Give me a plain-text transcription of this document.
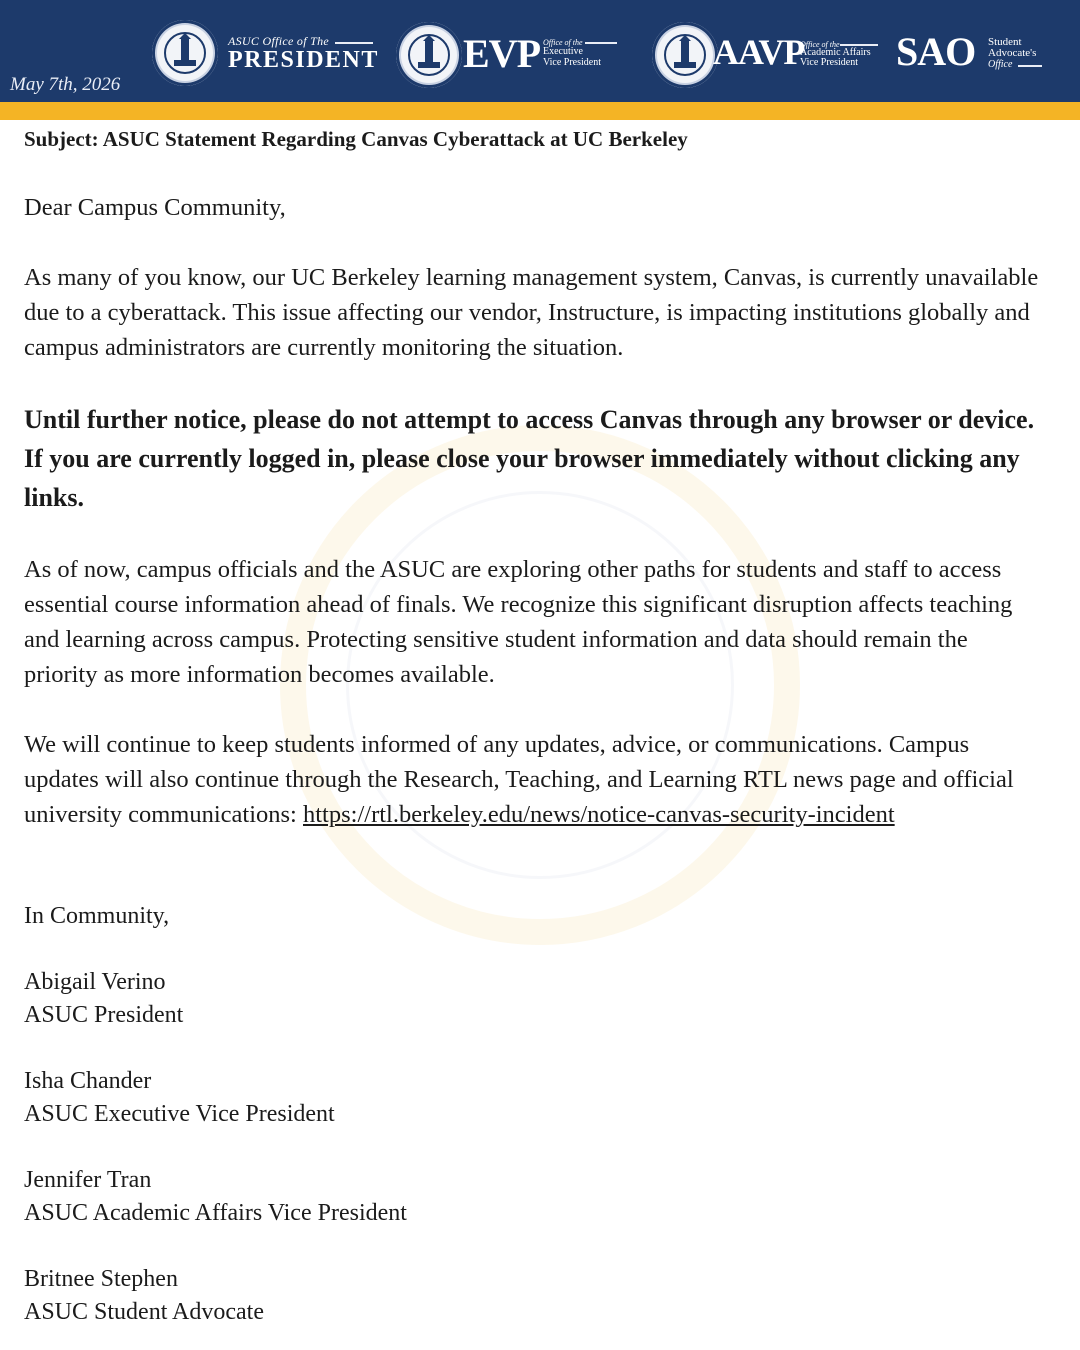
May 7th, 2026
ASUC Office of The
PRESIDENT EVP Office of the
Executive
Vice President	AAVP
Office of the
Academic Affairs
Vice President SAO Student
Advocate's
Office
Subject: ASUC Statement Regarding Canvas Cyberattack at UC Berkeley
Dear Campus Community,
As many of you know, our UC Berkeley learning management system, Canvas, is currently unavailable due to a cyberattack. This issue affecting our vendor, Instructure, is impacting institutions globally and campus administrators are currently monitoring the situation.
Until further notice, please do not attempt to access Canvas through any browser or device. If you are currently logged in, please close your browser immediately without clicking any links.
As of now, campus officials and the ASUC are exploring other paths for students and staff to access essential course information ahead of finals. We recognize this significant disruption affects teaching and learning across campus. Protecting sensitive student information and data should remain the priority as more information becomes available.
We will continue to keep students informed of any updates, advice, or communications. Campus updates will also continue through the Research, Teaching, and Learning RTL news page and official university communications: https://rtl.berkeley.edu/news/notice-canvas-security-incident
In Community,
Abigail Verino
ASUC President
Isha Chander
ASUC Executive Vice President
Jennifer Tran
ASUC Academic Affairs Vice President
Britnee Stephen
ASUC Student Advocate
